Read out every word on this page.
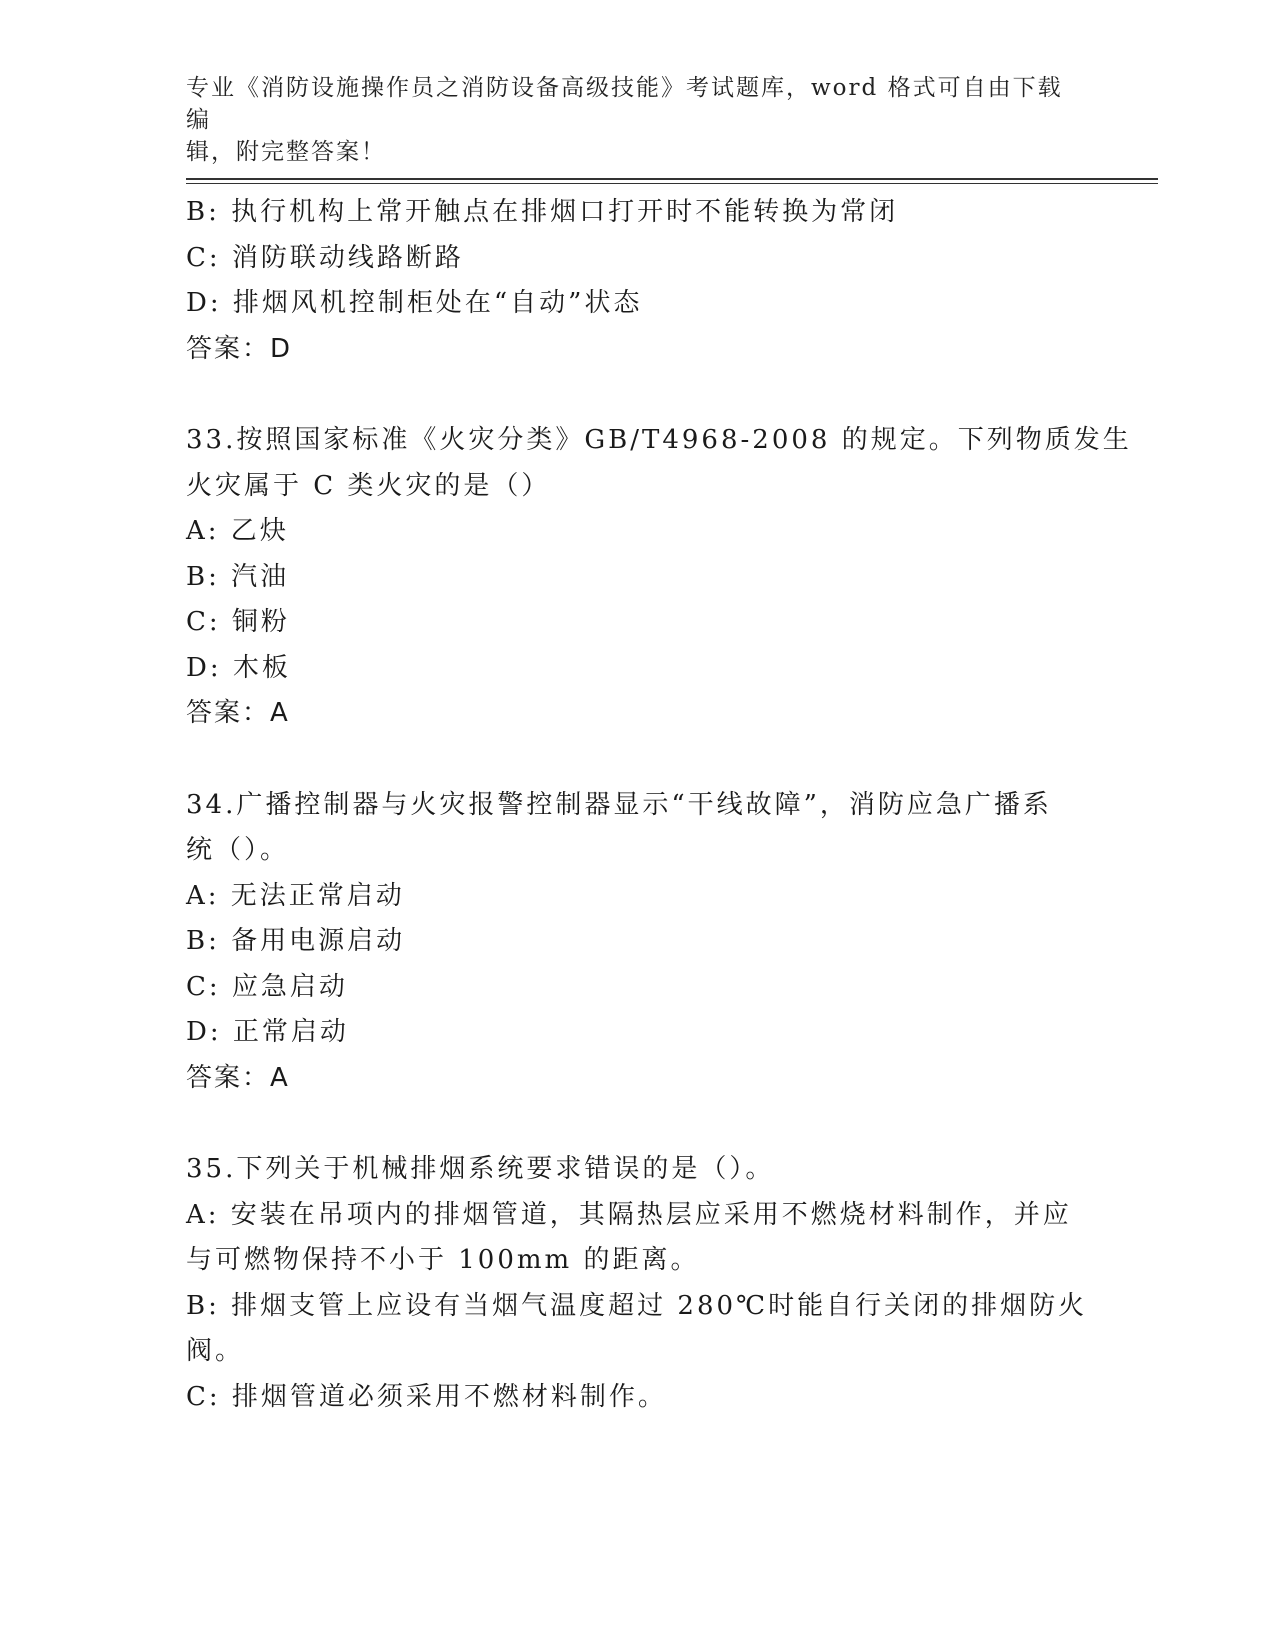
专业《消防设施操作员之消防设备高级技能》考试题库，word 格式可自由下载编
辑，附完整答案！
B: 执行机构上常开触点在排烟口打开时不能转换为常闭
C: 消防联动线路断路
D: 排烟风机控制柜处在“自动”状态
答案：D
33.按照国家标准《火灾分类》GB/T4968-2008 的规定。下列物质发生
火灾属于 C 类火灾的是（）
A: 乙炔
B: 汽油
C: 铜粉
D: 木板
答案：A
34.广播控制器与火灾报警控制器显示“干线故障”，消防应急广播系
统（）。
A: 无法正常启动
B: 备用电源启动
C: 应急启动
D: 正常启动
答案：A
35.下列关于机械排烟系统要求错误的是（）。
A: 安装在吊项内的排烟管道，其隔热层应采用不燃烧材料制作，并应
与可燃物保持不小于 100mm 的距离。
B: 排烟支管上应设有当烟气温度超过 280℃时能自行关闭的排烟防火
阀。
C: 排烟管道必须采用不燃材料制作。
